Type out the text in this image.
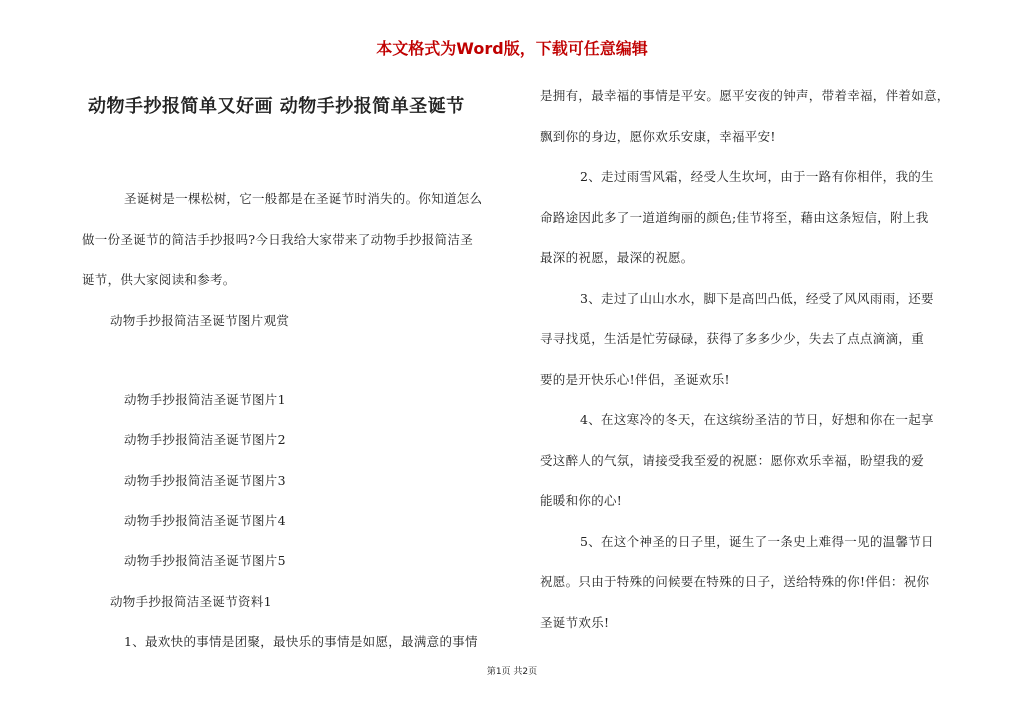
本文格式为Word版，下载可任意编辑
动物手抄报简单又好画 动物手抄报简单圣诞节
圣诞树是一棵松树，它一般都是在圣诞节时消失的。你知道怎么
做一份圣诞节的简洁手抄报吗?今日我给大家带来了动物手抄报简洁圣
诞节，供大家阅读和参考。
动物手抄报简洁圣诞节图片观赏
动物手抄报简洁圣诞节图片1
动物手抄报简洁圣诞节图片2
动物手抄报简洁圣诞节图片3
动物手抄报简洁圣诞节图片4
动物手抄报简洁圣诞节图片5
动物手抄报简洁圣诞节资料1
1、最欢快的事情是团聚，最快乐的事情是如愿，最满意的事情
是拥有，最幸福的事情是平安。愿平安夜的钟声，带着幸福，伴着如意，
飘到你的身边，愿你欢乐安康，幸福平安!
2、走过雨雪风霜，经受人生坎坷，由于一路有你相伴，我的生
命路途因此多了一道道绚丽的颜色;佳节将至，藉由这条短信，附上我
最深的祝愿，最深的祝愿。
3、走过了山山水水，脚下是高凹凸低，经受了风风雨雨，还要
寻寻找觅，生活是忙劳碌碌，获得了多多少少，失去了点点滴滴，重
要的是开快乐心!伴侣，圣诞欢乐!
4、在这寒冷的冬天，在这缤纷圣洁的节日，好想和你在一起享
受这醉人的气氛，请接受我至爱的祝愿：愿你欢乐幸福，盼望我的爱
能暖和你的心!
5、在这个神圣的日子里，诞生了一条史上难得一见的温馨节日
祝愿。只由于特殊的问候要在特殊的日子，送给特殊的你!伴侣：祝你
圣诞节欢乐!
第1页 共2页
